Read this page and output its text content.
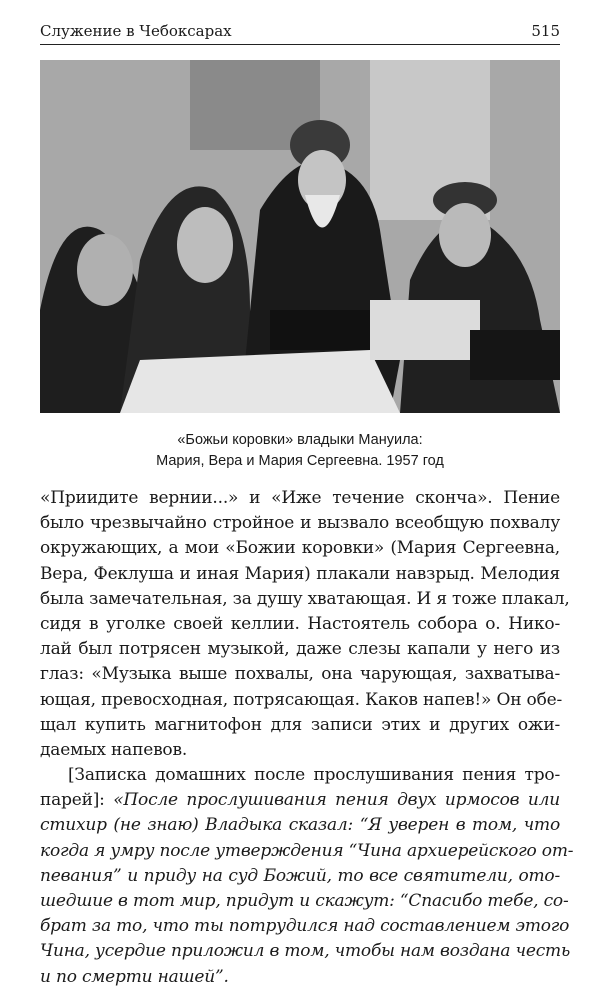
Служение в Чебоксарах	515
«Божьи коровки» владыки Мануила:
Мария, Вера и Мария Сергеевна. 1957 год
«Приидите вернии...» и «Иже течение сконча». Пение
было чрезвычайно стройное и вызвало всеобщую похвалу
окружающих, а мои «Божии коровки» (Мария Сергеевна,
Вера, Феклуша и иная Мария) плакали навзрыд. Мелодия
была замечательная, за душу хватающая. И я тоже плакал,
сидя в уголке своей келлии. Настоятель собора о. Нико-
лай был потрясен музыкой, даже слезы капали у него из
глаз: «Музыка выше похвалы, она чарующая, захватыва-
ющая, превосходная, потрясающая. Каков напев!» Он обе-
щал купить магнитофон для записи этих и других ожи-
даемых напевов.
[Записка домашних после прослушивания пения тро-
парей]: «После прослушивания пения двух ирмосов или
стихир (не знаю) Владыка сказал: “Я уверен в том, что
когда я умру после утверждения “Чина архиерейского от-
певания” и приду на суд Божий, то все святители, ото-
шедшие в тот мир, придут и скажут: “Спасибо тебе, со-
брат за то, что ты потрудился над составлением этого
Чина, усердие приложил в том, чтобы нам воздана честь
и по смерти нашей”.
